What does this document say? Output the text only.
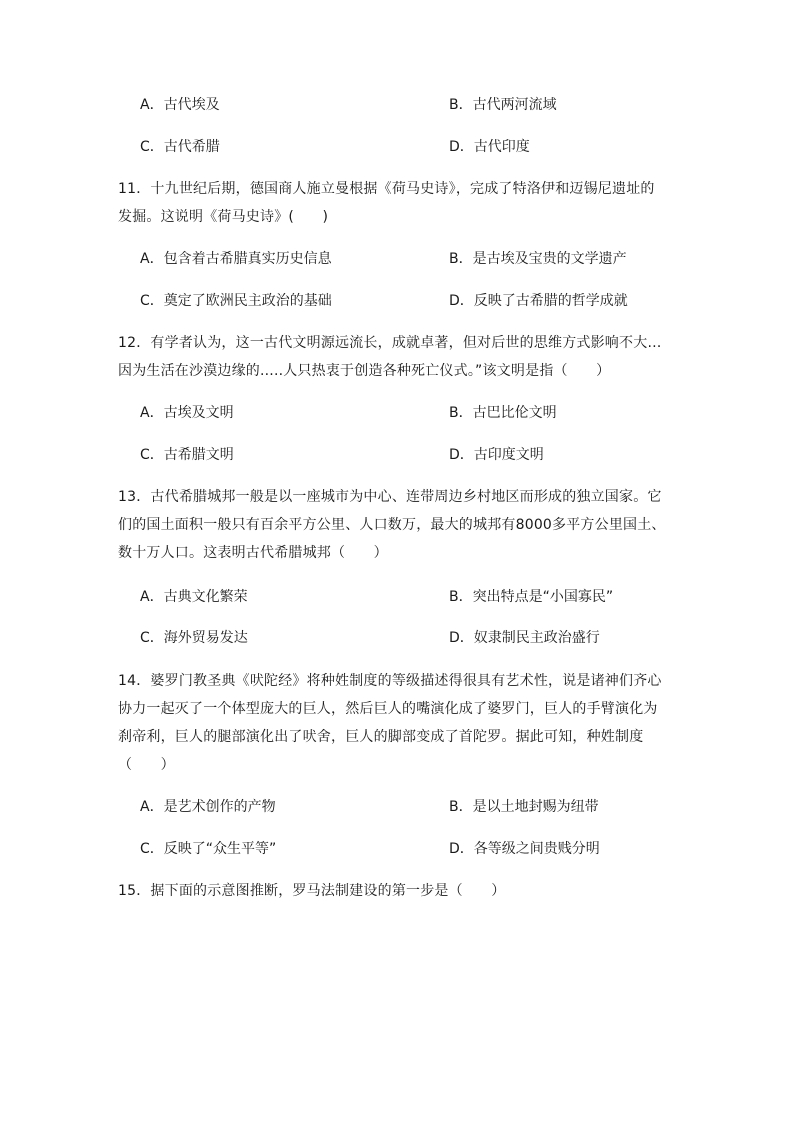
A．古代埃及	B．古代两河流域
C．古代希腊	D．古代印度
11．十九世纪后期，德国商人施立曼根据《荷马史诗》，完成了特洛伊和迈锡尼遗址的
发掘。这说明《荷马史诗》(　　)
A．包含着古希腊真实历史信息	B．是古埃及宝贵的文学遗产
C．奠定了欧洲民主政治的基础	D．反映了古希腊的哲学成就
12．有学者认为，这一古代文明源远流长，成就卓著，但对后世的思维方式影响不大…
因为生活在沙漠边缘的.....人只热衷于创造各种死亡仪式。”该文明是指（　　）
A．古埃及文明	B．古巴比伦文明
C．古希腊文明	D．古印度文明
13．古代希腊城邦一般是以一座城市为中心、连带周边乡村地区而形成的独立国家。它
们的国土面积一般只有百余平方公里、人口数万，最大的城邦有8000多平方公里国土、
数十万人口。这表明古代希腊城邦（　　）
A．古典文化繁荣	B．突出特点是“小国寡民”
C．海外贸易发达	D．奴隶制民主政治盛行
14．婆罗门教圣典《吠陀经》将种姓制度的等级描述得很具有艺术性，说是诸神们齐心
协力一起灭了一个体型庞大的巨人，然后巨人的嘴演化成了婆罗门，巨人的手臂演化为
刹帝利，巨人的腿部演化出了吠舍，巨人的脚部变成了首陀罗。据此可知，种姓制度
（　　）
A．是艺术创作的产物	B．是以土地封赐为纽带
C．反映了“众生平等”	D．各等级之间贵贱分明
15．据下面的示意图推断，罗马法制建设的第一步是（　　）
